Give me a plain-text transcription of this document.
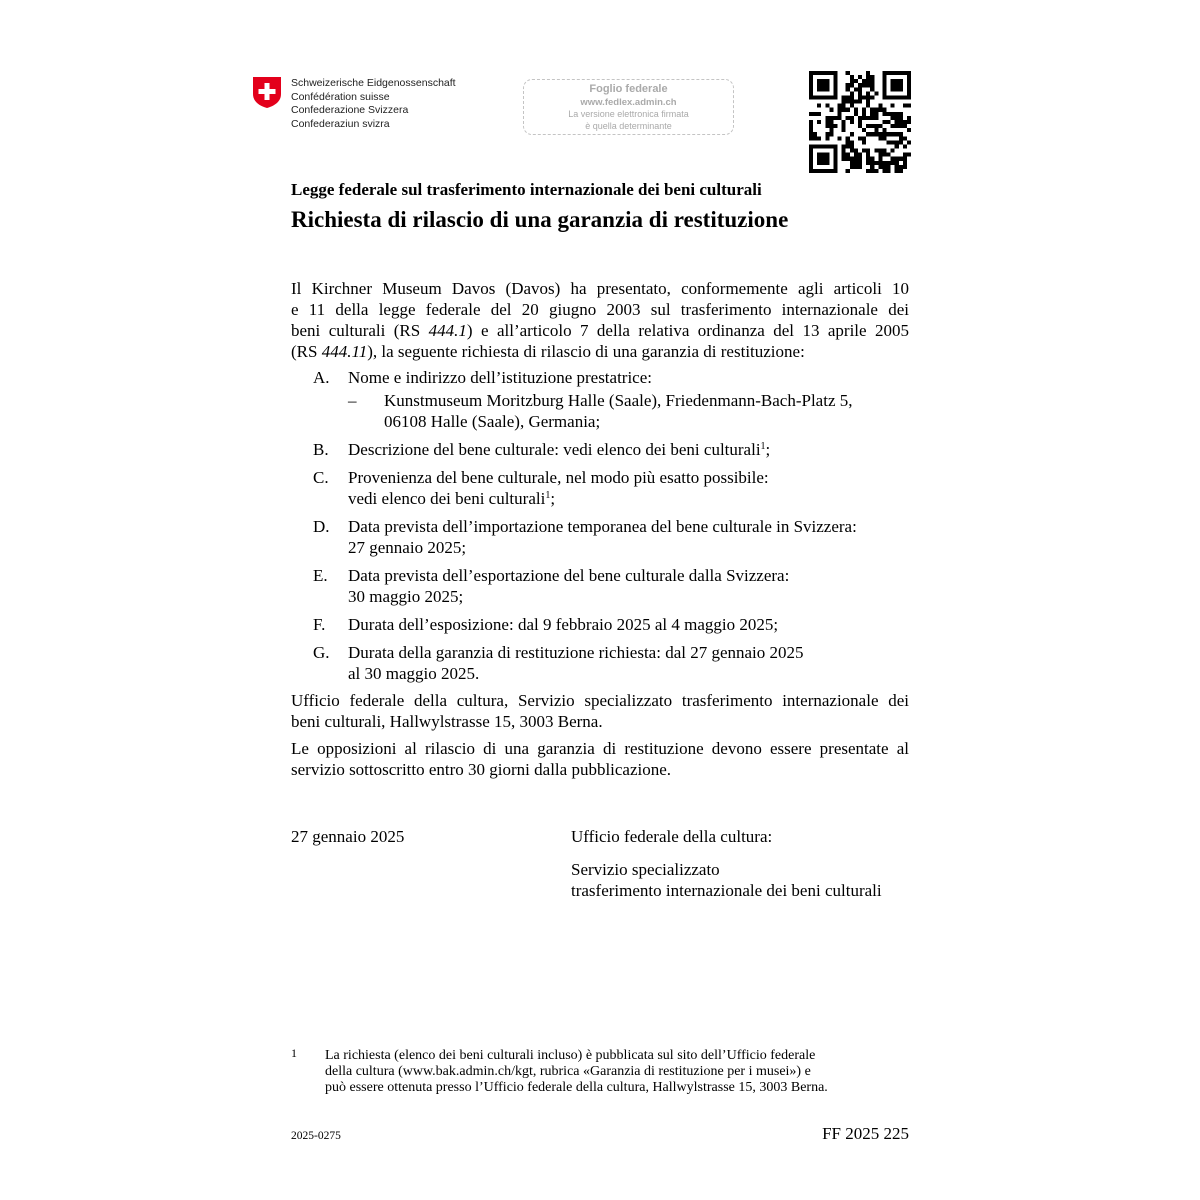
Schweizerische Eidgenossenschaft
Confédération suisse
Confederazione Svizzera
Confederaziun svizra
Foglio federale
www.fedlex.admin.ch
La versione elettronica firmata
è quella determinante
Legge federale sul trasferimento internazionale dei beni culturali
Richiesta di rilascio di una garanzia di restituzione
Il Kirchner Museum Davos (Davos) ha presentato, conformemente agli articoli 10
e 11 della legge federale del 20 giugno 2003 sul trasferimento internazionale dei
beni culturali (RS 444.1) e all’articolo 7 della relativa ordinanza del 13 aprile 2005
(RS 444.11), la seguente richiesta di rilascio di una garanzia di restituzione:
A. Nome e indirizzo dell’istituzione prestatrice:
– Kunstmuseum Moritzburg Halle (Saale), Friedenmann-Bach-Platz 5,
06108 Halle (Saale), Germania;
B. Descrizione del bene culturale: vedi elenco dei beni culturali$^1$;
C. Provenienza del bene culturale, nel modo più esatto possibile:
vedi elenco dei beni culturali$^1$;
D. Data prevista dell’importazione temporanea del bene culturale in Svizzera:
27 gennaio 2025;
E. Data prevista dell’esportazione del bene culturale dalla Svizzera:
30 maggio 2025;
F. Durata dell’esposizione: dal 9 febbraio 2025 al 4 maggio 2025;
G. Durata della garanzia di restituzione richiesta: dal 27 gennaio 2025
al 30 maggio 2025.
Ufficio federale della cultura, Servizio specializzato trasferimento internazionale dei
beni culturali, Hallwylstrasse 15, 3003 Berna.
Le opposizioni al rilascio di una garanzia di restituzione devono essere presentate al
servizio sottoscritto entro 30 giorni dalla pubblicazione.
27 gennaio 2025	Ufficio federale della cultura:
Servizio specializzato
trasferimento internazionale dei beni culturali
1 La richiesta (elenco dei beni culturali incluso) è pubblicata sul sito dell’Ufficio federale
della cultura (www.bak.admin.ch/kgt, rubrica «Garanzia di restituzione per i musei») e
può essere ottenuta presso l’Ufficio federale della cultura, Hallwylstrasse 15, 3003 Berna.
2025-0275	FF 2025 225
